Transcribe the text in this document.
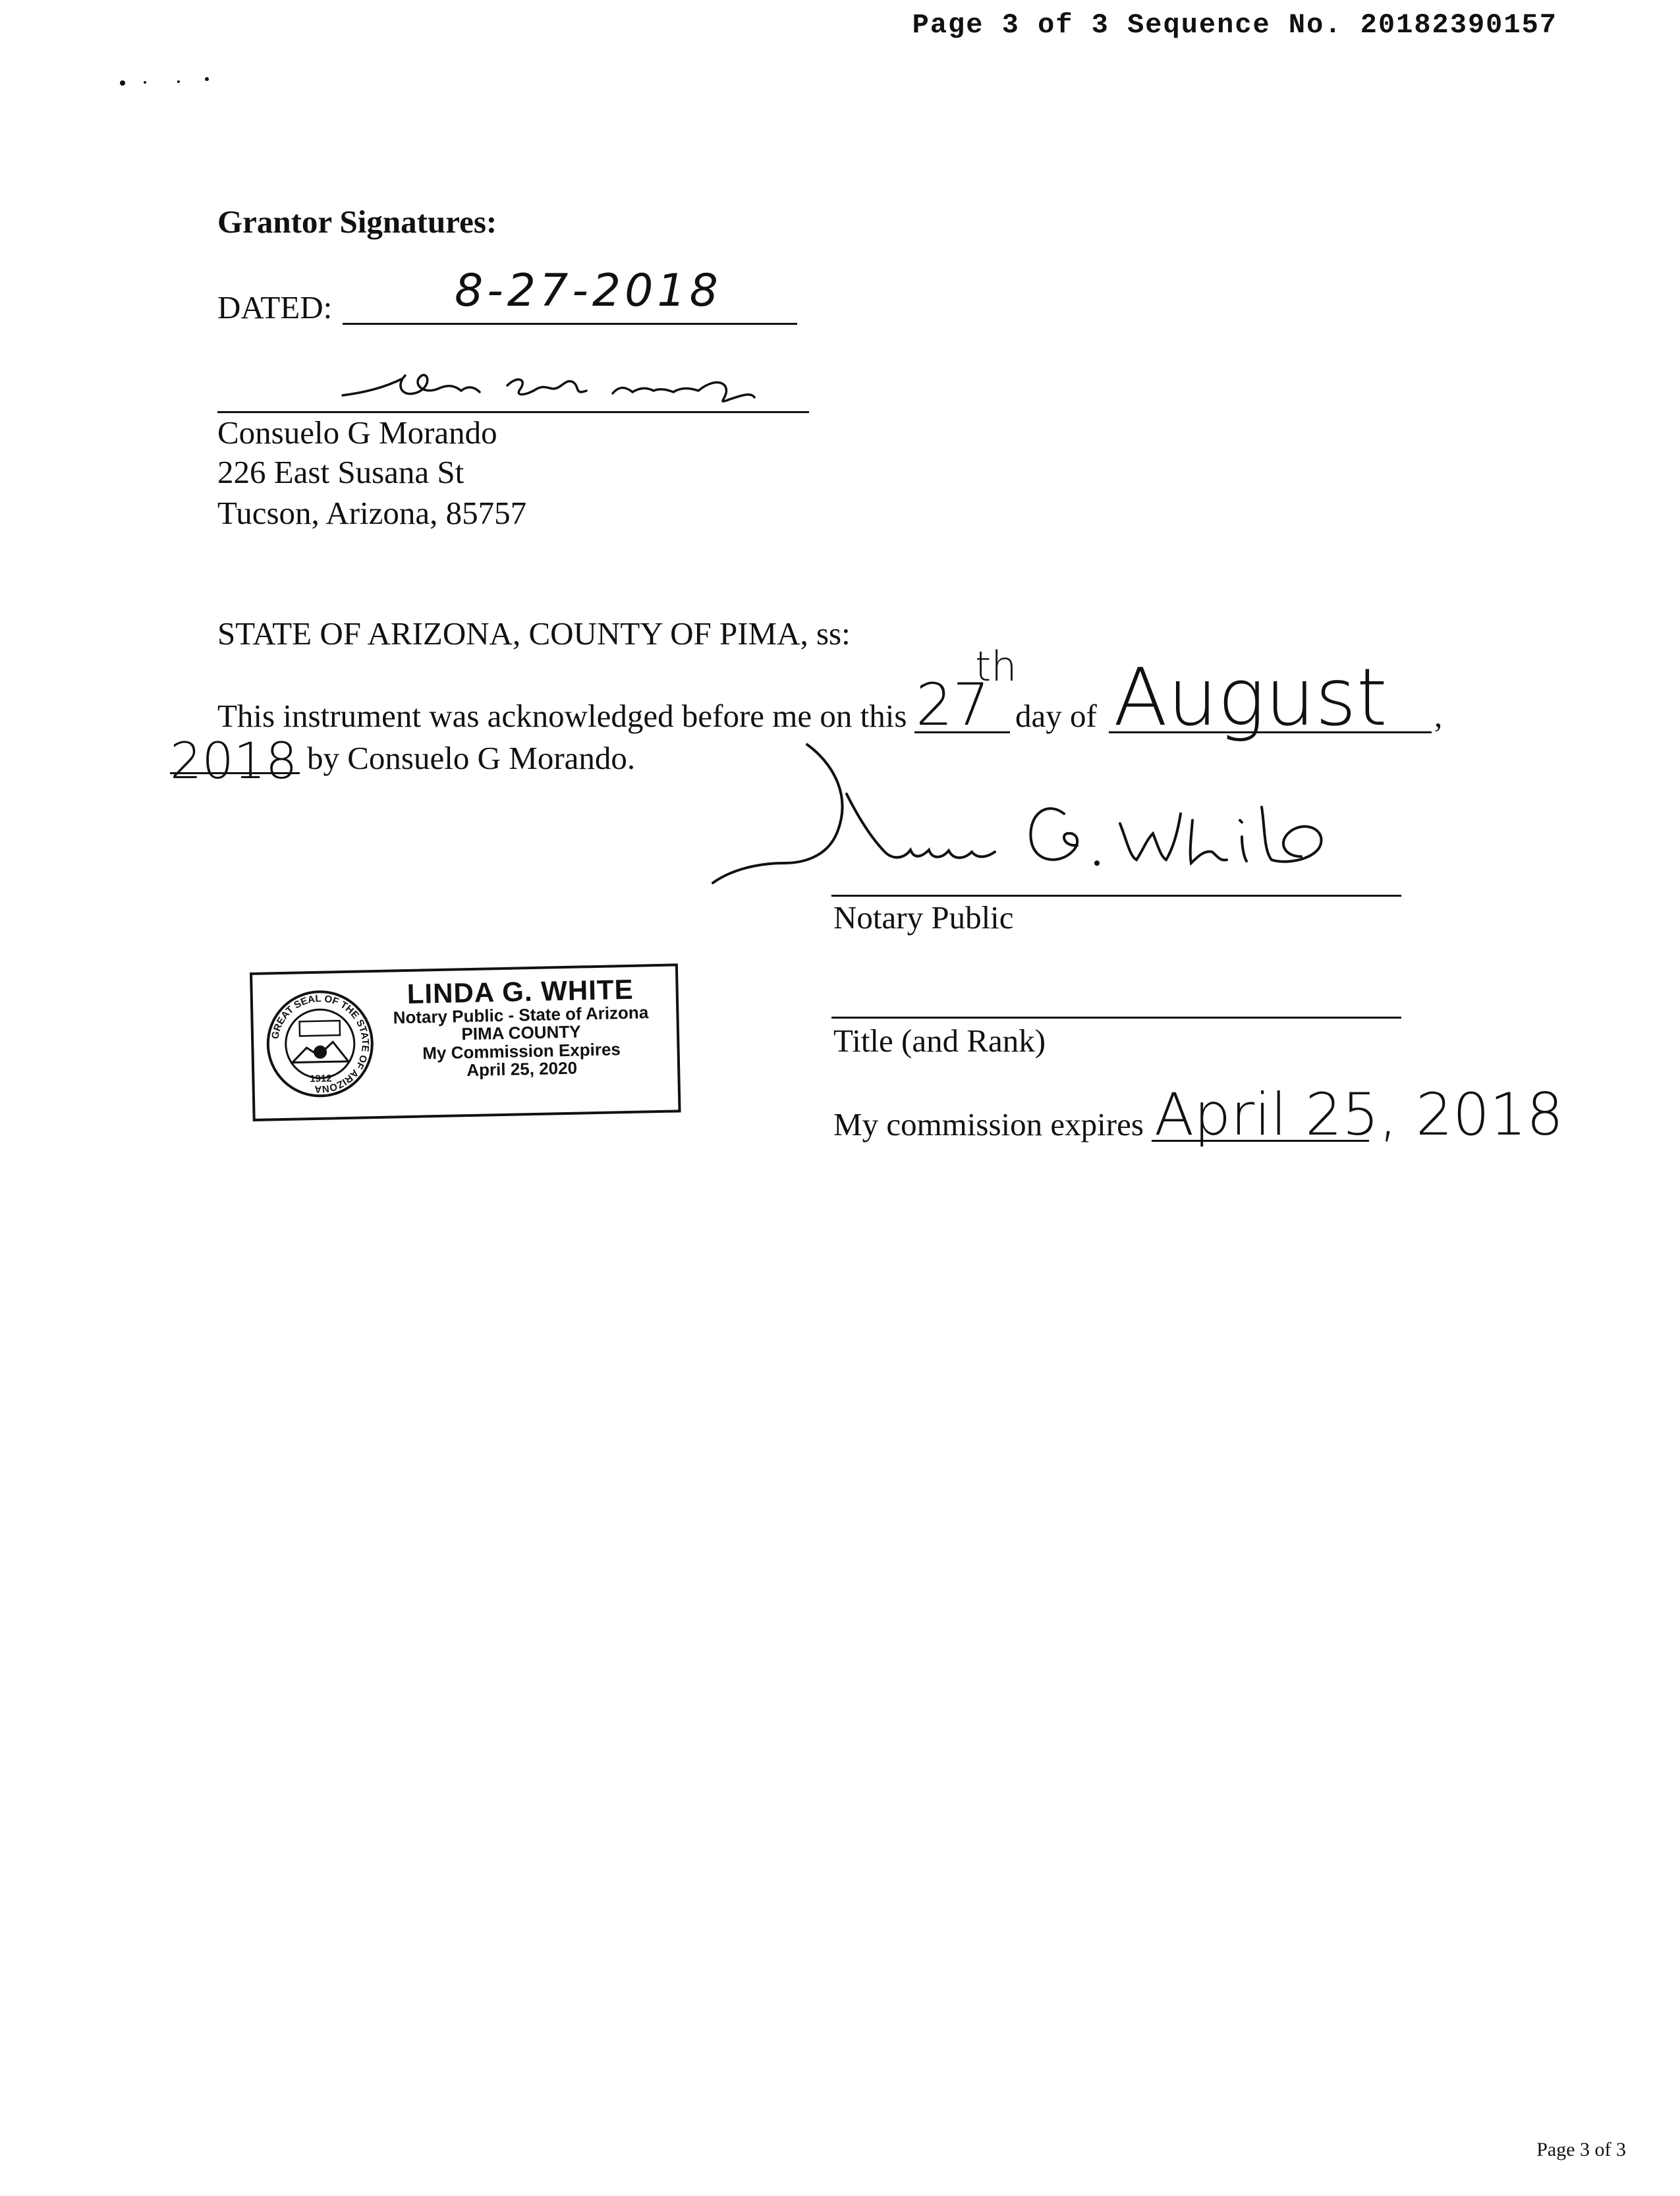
Page 3 of 3 Sequence No. 20182390157
Grantor Signatures:
DATED:	8-27-2018
Consuelo G Morando
226 East Susana St
Tucson, Arizona, 85757
STATE OF ARIZONA, COUNTY OF PIMA, ss:
This instrument was acknowledged before me on this 27
th
day of August ,
2018 by Consuelo G Morando.
Notary Public
Title (and Rank)
My commission expires April 25, 2018
GREAT SEAL OF THE STATE OF ARIZONA
1912
LINDA G. WHITE
Notary Public - State of Arizona
PIMA COUNTY
My Commission Expires
April 25, 2020
Page 3 of 3
